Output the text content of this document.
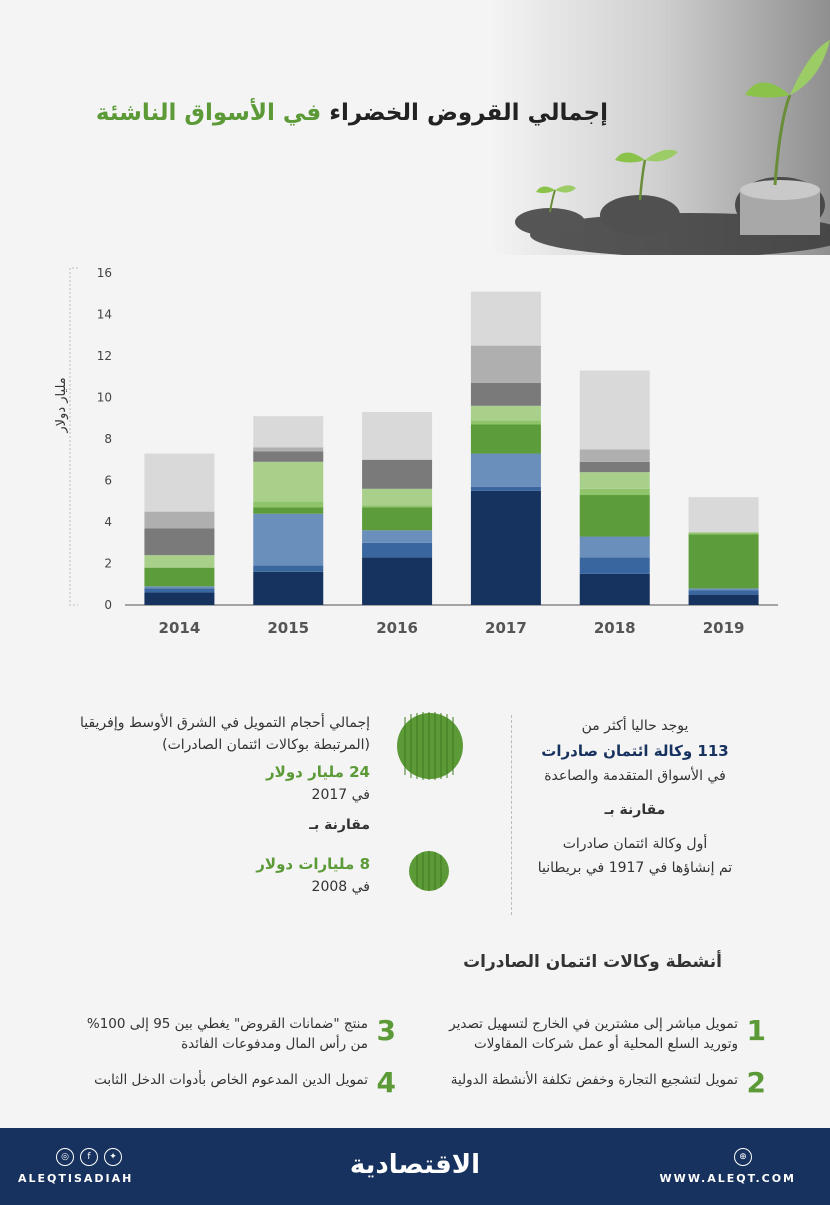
إجمالي القروض الخضراء في الأسواق الناشئة
0
2
4
6
8
10
12
14
16
2014	2015	2016	2017	2018	2019
مليار دولار
يوجد حاليا أكثر من
113 وكالة ائتمان صادرات
في الأسواق المتقدمة والصاعدة
مقارنة بـ
أول وكالة ائتمان صادرات
تم إنشاؤها في 1917 في بريطانيا
إجمالي أحجام التمويل في الشرق الأوسط وإفريقيا
(المرتبطة بوكالات ائتمان الصادرات)
24 مليار دولار
في 2017
مقارنة بـ
8 مليارات دولار
في 2008
أنشطة وكالات ائتمان الصادرات
1
تمويل مباشر إلى مشترين في الخارج لتسهيل تصدير
وتوريد السلع المحلية أو عمل شركات المقاولات
2
تمويل لتشجيع التجارة وخفض تكلفة الأنشطة الدولية
3
منتج "ضمانات القروض" يغطي بين 95 إلى 100%
من رأس المال ومدفوعات الفائدة
4
تمويل الدين المدعوم الخاص بأدوات الدخل الثابت
◎	f	✦
ALEQTISADIAH	الاقتصادية	⊕
WWW.ALEQT.COM
